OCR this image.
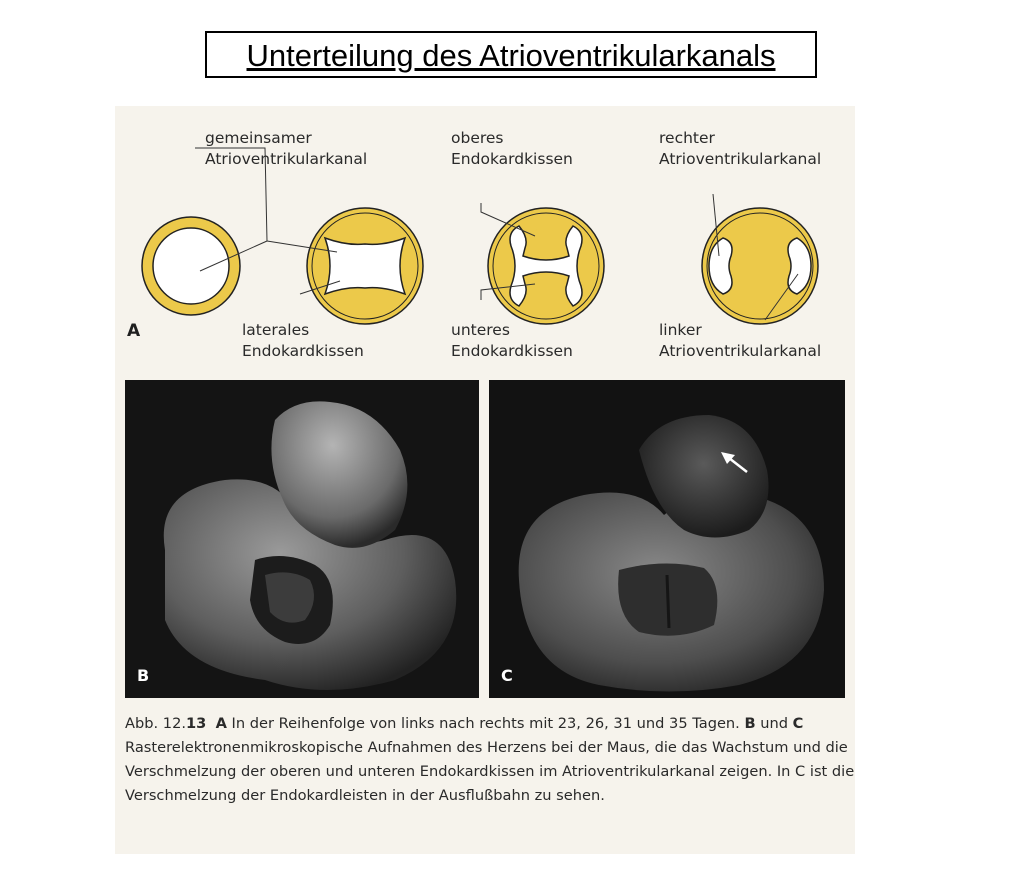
Unterteilung des Atrioventrikularkanals
gemeinsamer
Atrioventrikularkanal
oberes
Endokardkissen
rechter
Atrioventrikularkanal
A	laterales
Endokardkissen
unteres
Endokardkissen
linker
Atrioventrikularkanal
B	C
Abb. 12.13 A In der Reihenfolge von links nach rechts mit 23, 26, 31 und 35 Tagen. B und C Rasterelektronenmikroskopische Aufnahmen des Herzens bei der Maus, die das Wachstum und die Verschmelzung der oberen und unteren Endokardkissen im Atrioventrikularkanal zeigen. In C ist die Verschmelzung der Endokardleisten in der Ausflußbahn zu sehen.
